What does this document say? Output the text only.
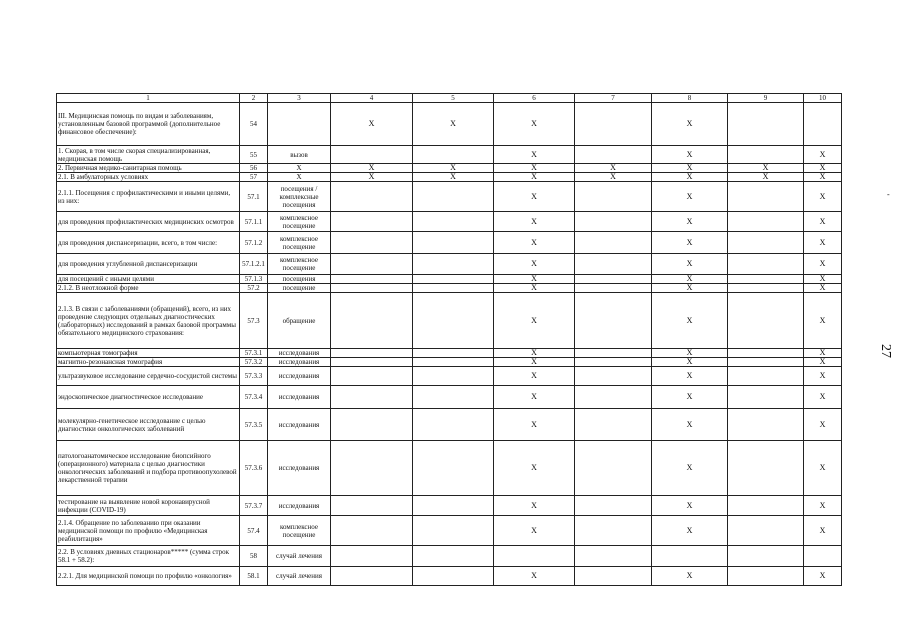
1	2	3	4	5	6	7	8	9	10
III. Медицинская помощь по видам и заболеваниям, установленным базовой программой (дополнительное финансовое обеспечение):	54		X	X	X		X		
1. Скорая, в том числе скорая специализированная, медицинская помощь	55	вызов			X		X		X
2. Первичная медико-санитарная помощь	56	X	X	X	X	X	X	X	X
2.1. В амбулаторных условиях	57	X	X	X	X	X	X	X	X
2.1.1. Посещения с профилактическими и иными целями, из них:	57.1	посещения / комплексные посещения			X		X		X
для проведения профилактических медицинских осмотров	57.1.1	комплексное посещение			X		X		X
для проведения диспансеризации, всего, в том числе:	57.1.2	комплексное посещение			X		X		X
для проведения углубленной диспансеризации	57.1.2.1	комплексное посещение			X		X		X
для посещений с иными целями	57.1.3	посещения			X		X		X
2.1.2. В неотложной форме	57.2	посещение			X		X		X
2.1.3. В связи с заболеваниями (обращений), всего, из них проведение следующих отдельных диагностических (лабораторных) исследований в рамках базовой программы обязательного медицинского страхования:	57.3	обращение			X		X		X
компьютерная томография	57.3.1	исследования			X		X		X
магнитно-резонансная томография	57.3.2	исследования			X		X		X
ультразвуковое исследование сердечно-сосудистой системы	57.3.3	исследования			X		X		X
эндоскопическое диагностическое исследование	57.3.4	исследования			X		X		X
молекулярно-генетическое исследование с целью диагностики онкологических заболеваний	57.3.5	исследования			X		X		X
патологоанатомическое исследование биопсийного (операционного) материала с целью диагностики онкологических заболеваний и подбора противоопухолевой лекарственной терапии	57.3.6	исследования			X		X		X
тестирование на выявление новой коронавирусной инфекции (COVID-19)	57.3.7	исследования			X		X		X
2.1.4. Обращение по заболеванию при оказании медицинской помощи по профилю «Медицинская реабилитация»	57.4	комплексное посещение			X		X		X
2.2. В условиях дневных стационаров***** (сумма строк 58.1 + 58.2):	58	случай лечения							
2.2.1. Для медицинской помощи по профилю «онкология»	58.1	случай лечения			X		X		X
27
-
